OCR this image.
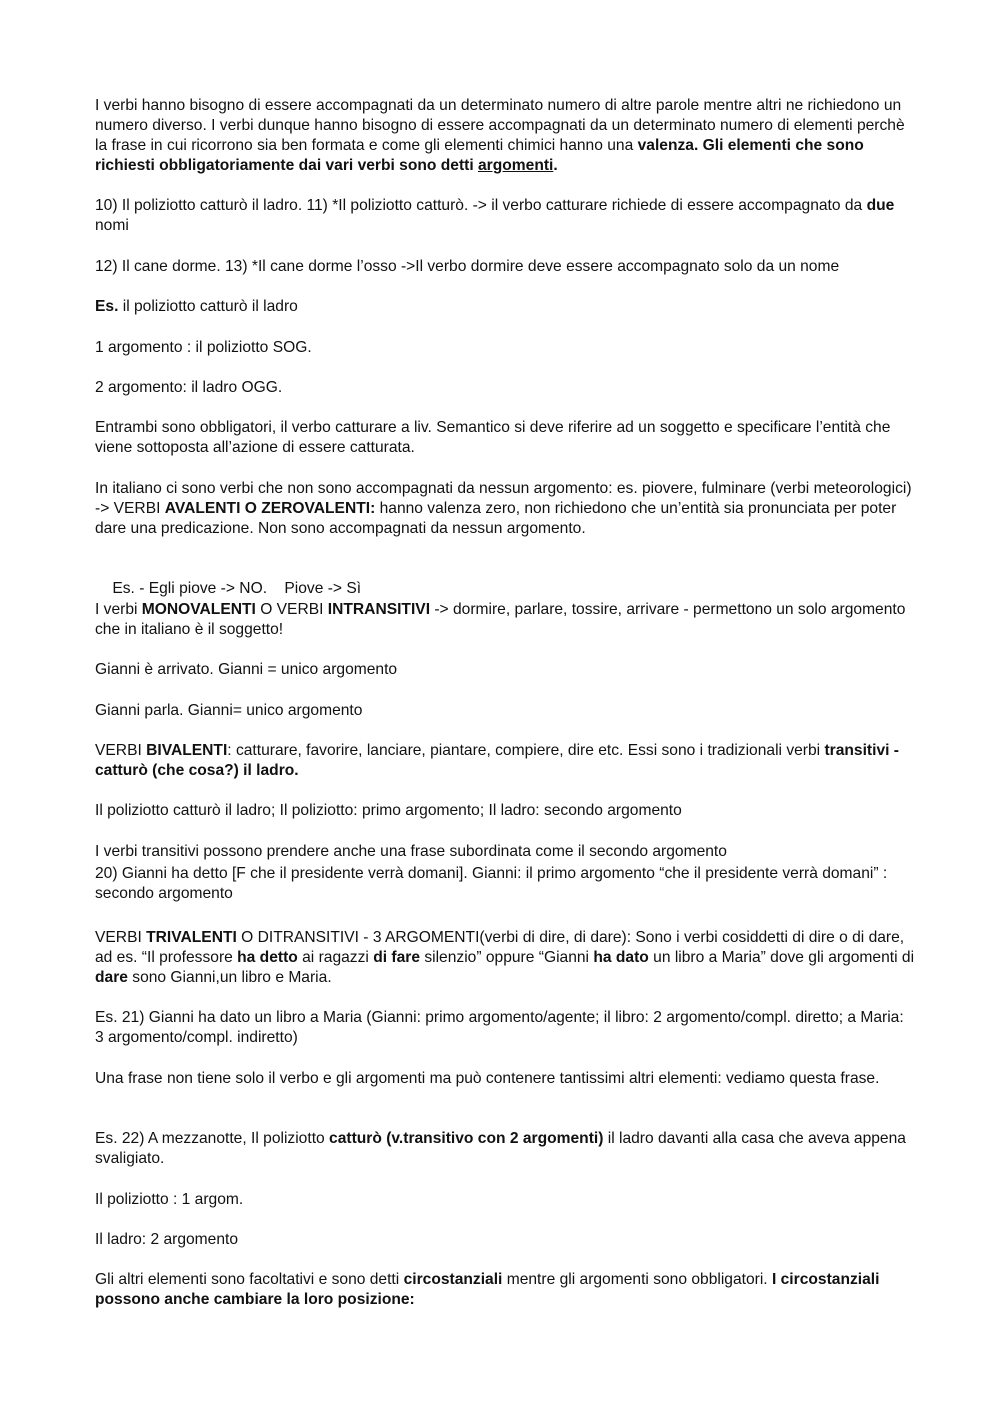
I verbi hanno bisogno di essere accompagnati da un determinato numero di altre parole mentre altri ne richiedono un numero diverso. I verbi dunque hanno bisogno di essere accompagnati da un determinato numero di elementi perchè la frase in cui ricorrono sia ben formata e come gli elementi chimici hanno una valenza. Gli elementi che sono richiesti obbligatoriamente dai vari verbi sono detti argomenti.

10) Il poliziotto catturò il ladro. 11) *Il poliziotto catturò. -> il verbo catturare richiede di essere accompagnato da due nomi

12) Il cane dorme. 13) *Il cane dorme l’osso ->Il verbo dormire deve essere accompagnato solo da un nome

Es. il poliziotto catturò il ladro

1 argomento : il poliziotto SOG.

2 argomento: il ladro OGG.

Entrambi sono obbligatori, il verbo catturare a liv. Semantico si deve riferire ad un soggetto e specificare l’entità che viene sottoposta all’azione di essere catturata.

In italiano ci sono verbi che non sono accompagnati da nessun argomento: es. piovere, fulminare (verbi meteorologici) -> VERBI AVALENTI O ZEROVALENTI: hanno valenza zero, non richiedono che un’entità sia pronunciata per poter dare una predicazione. Non sono accompagnati da nessun argomento.

Es. - Egli piove -> NO.    Piove -> Sì

I verbi MONOVALENTI O VERBI INTRANSITIVI -> dormire, parlare, tossire, arrivare - permettono un solo argomento che in italiano è il soggetto!

Gianni è arrivato. Gianni = unico argomento

Gianni parla. Gianni= unico argomento

VERBI BIVALENTI: catturare, favorire, lanciare, piantare, compiere, dire etc. Essi sono i tradizionali verbi transitivi - catturò (che cosa?) il ladro.

Il poliziotto catturò il ladro; Il poliziotto: primo argomento; Il ladro: secondo argomento

I verbi transitivi possono prendere anche una frase subordinata come il secondo argomento

20) Gianni ha detto [F che il presidente verrà domani]. Gianni: il primo argomento “che il presidente verrà domani” : secondo argomento

VERBI TRIVALENTI O DITRANSITIVI - 3 ARGOMENTI(verbi di dire, di dare): Sono i verbi cosiddetti di dire o di dare, ad es. “Il professore ha detto ai ragazzi di fare silenzio” oppure “Gianni ha dato un libro a Maria” dove gli argomenti di dare sono Gianni,un libro e Maria.

Es. 21) Gianni ha dato un libro a Maria (Gianni: primo argomento/agente; il libro: 2 argomento/compl. diretto; a Maria: 3 argomento/compl. indiretto)

Una frase non tiene solo il verbo e gli argomenti ma può contenere tantissimi altri elementi: vediamo questa frase.

Es. 22) A mezzanotte, Il poliziotto catturò (v.transitivo con 2 argomenti) il ladro davanti alla casa che aveva appena svaligiato.

Il poliziotto : 1 argom.

Il ladro: 2 argomento

Gli altri elementi sono facoltativi e sono detti circostanziali mentre gli argomenti sono obbligatori. I circostanziali possono anche cambiare la loro posizione:
